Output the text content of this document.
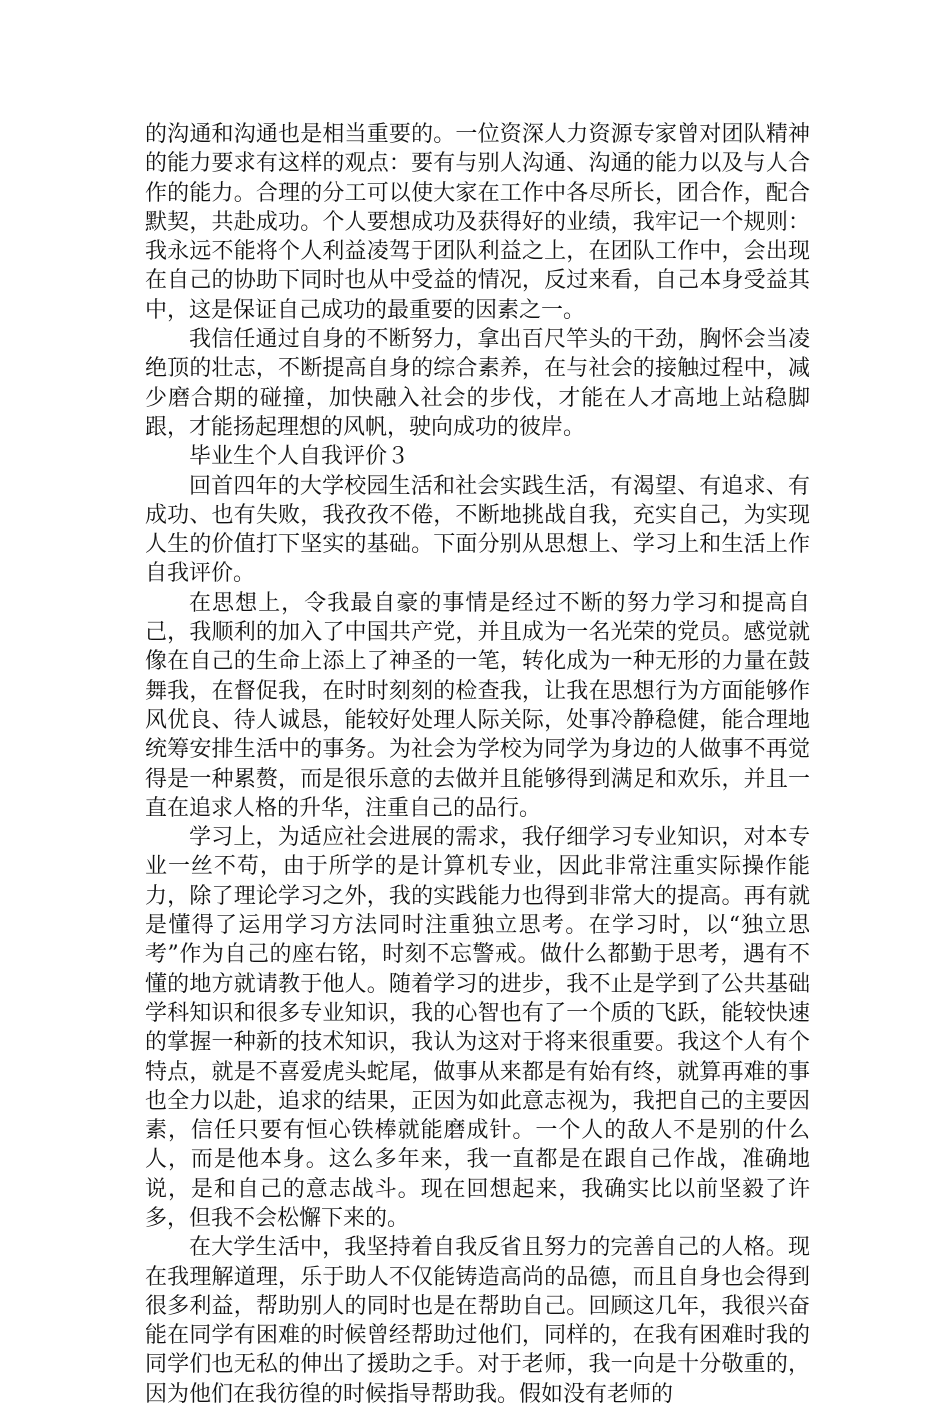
的沟通和沟通也是相当重要的。一位资深人力资源专家曾对团队精神的能力要求有这样的观点：要有与别人沟通、沟通的能力以及与人合作的能力。合理的分工可以使大家在工作中各尽所长，团合作，配合默契，共赴成功。个人要想成功及获得好的业绩，我牢记一个规则：我永远不能将个人利益凌驾于团队利益之上，在团队工作中，会出现在自己的协助下同时也从中受益的情况，反过来看，自己本身受益其中，这是保证自己成功的最重要的因素之一。

我信任通过自身的不断努力，拿出百尺竿头的干劲，胸怀会当凌绝顶的壮志，不断提高自身的综合素养，在与社会的接触过程中，减少磨合期的碰撞，加快融入社会的步伐，才能在人才高地上站稳脚跟，才能扬起理想的风帆，驶向成功的彼岸。

毕业生个人自我评价３

回首四年的大学校园生活和社会实践生活，有渴望、有追求、有成功、也有失败，我孜孜不倦，不断地挑战自我，充实自己，为实现人生的价值打下坚实的基础。下面分别从思想上、学习上和生活上作自我评价。

在思想上，令我最自豪的事情是经过不断的努力学习和提高自己，我顺利的加入了中国共产党，并且成为一名光荣的党员。感觉就像在自己的生命上添上了神圣的一笔，转化成为一种无形的力量在鼓舞我，在督促我，在时时刻刻的检查我，让我在思想行为方面能够作风优良、待人诚恳，能较好处理人际关际，处事冷静稳健，能合理地统筹安排生活中的事务。为社会为学校为同学为身边的人做事不再觉得是一种累赘，而是很乐意的去做并且能够得到满足和欢乐，并且一直在追求人格的升华，注重自己的品行。

学习上，为适应社会进展的需求，我仔细学习专业知识，对本专业一丝不苟，由于所学的是计算机专业，因此非常注重实际操作能力，除了理论学习之外，我的实践能力也得到非常大的提高。再有就是懂得了运用学习方法同时注重独立思考。在学习时，以“独立思考”作为自己的座右铭，时刻不忘警戒。做什么都勤于思考，遇有不懂的地方就请教于他人。随着学习的进步，我不止是学到了公共基础学科知识和很多专业知识，我的心智也有了一个质的飞跃，能较快速的掌握一种新的技术知识，我认为这对于将来很重要。我这个人有个特点，就是不喜爱虎头蛇尾，做事从来都是有始有终，就算再难的事也全力以赴，追求的结果，正因为如此意志视为，我把自己的主要因素，信任只要有恒心铁棒就能磨成针。一个人的敌人不是别的什么人，而是他本身。这么多年来，我一直都是在跟自己作战，准确地说，是和自己的意志战斗。现在回想起来，我确实比以前坚毅了许多，但我不会松懈下来的。

在大学生活中，我坚持着自我反省且努力的完善自己的人格。现在我理解道理，乐于助人不仅能铸造高尚的品德，而且自身也会得到很多利益，帮助别人的同时也是在帮助自己。回顾这几年，我很兴奋能在同学有困难的时候曾经帮助过他们，同样的，在我有困难时我的同学们也无私的伸出了援助之手。对于老师，我一向是十分敬重的，因为他们在我彷徨的时候指导帮助我。假如没有老师的
